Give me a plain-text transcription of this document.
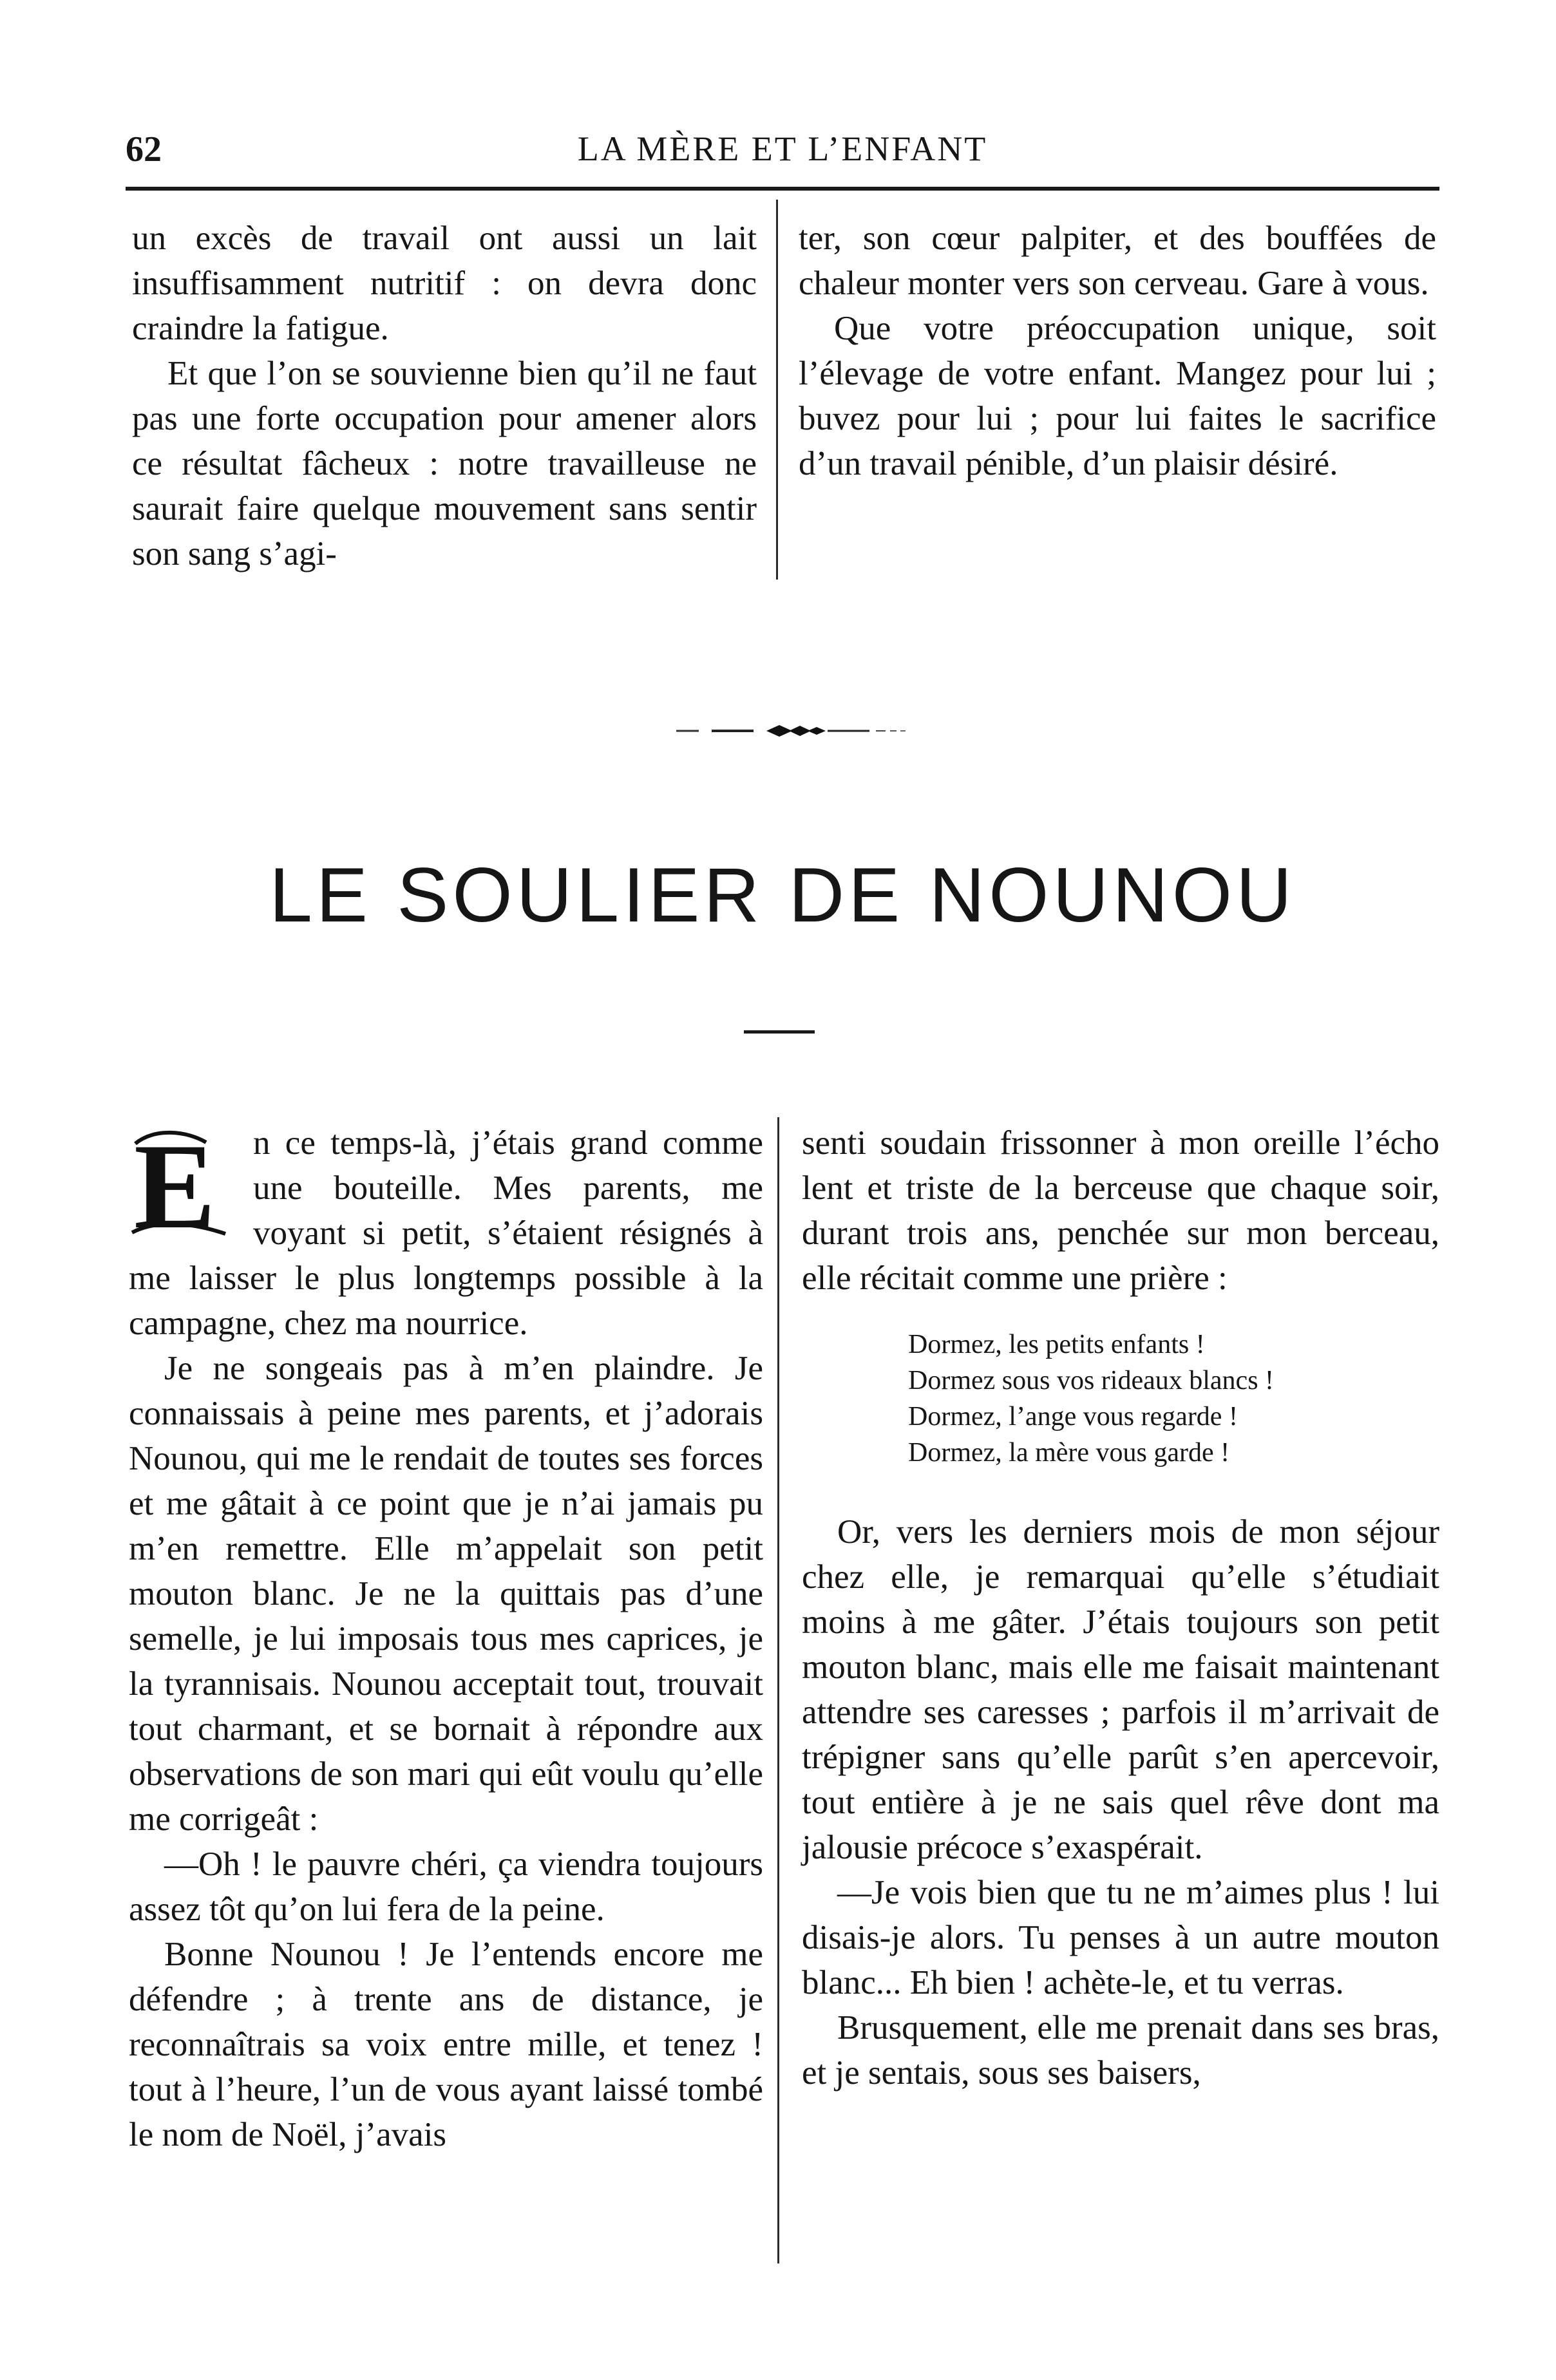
62	LA MÈRE ET L’ENFANT

un excès de travail ont aussi un lait insuffisamment nutritif : on devra donc craindre la fatigue.

Et que l’on se souvienne bien qu’il ne faut pas une forte occupation pour amener alors ce résultat fâcheux : notre travailleuse ne saurait faire quelque mouvement sans sentir son sang s’agi-

ter, son cœur palpiter, et des bouffées de chaleur monter vers son cerveau. Gare à vous.

Que votre préoccupation unique, soit l’élevage de votre enfant. Mangez pour lui ; buvez pour lui ; pour lui faites le sacrifice d’un travail pénible, d’un plaisir désiré.

LE SOULIER DE NOUNOU

E n ce temps-là, j’étais grand comme une bouteille. Mes parents, me voyant si petit, s’étaient résignés à me laisser le plus longtemps possible à la campagne, chez ma nourrice.

Je ne songeais pas à m’en plaindre. Je connaissais à peine mes parents, et j’adorais Nounou, qui me le rendait de toutes ses forces et me gâtait à ce point que je n’ai jamais pu m’en remettre. Elle m’appelait son petit mouton blanc. Je ne la quittais pas d’une semelle, je lui imposais tous mes caprices, je la tyrannisais. Nounou acceptait tout, trouvait tout charmant, et se bornait à répondre aux observations de son mari qui eût voulu qu’elle me corrigeât :

—Oh ! le pauvre chéri, ça viendra toujours assez tôt qu’on lui fera de la peine.

Bonne Nounou ! Je l’entends encore me défendre ; à trente ans de distance, je reconnaîtrais sa voix entre mille, et tenez ! tout à l’heure, l’un de vous ayant laissé tombé le nom de Noël, j’avais

senti soudain frissonner à mon oreille l’écho lent et triste de la berceuse que chaque soir, durant trois ans, penchée sur mon berceau, elle récitait comme une prière :

Dormez, les petits enfants !
Dormez sous vos rideaux blancs !
Dormez, l’ange vous regarde !
Dormez, la mère vous garde !

Or, vers les derniers mois de mon séjour chez elle, je remarquai qu’elle s’étudiait moins à me gâter. J’étais toujours son petit mouton blanc, mais elle me faisait maintenant attendre ses caresses ; parfois il m’arrivait de trépigner sans qu’elle parût s’en apercevoir, tout entière à je ne sais quel rêve dont ma jalousie précoce s’exaspérait.

—Je vois bien que tu ne m’aimes plus ! lui disais-je alors. Tu penses à un autre mouton blanc... Eh bien ! achète-le, et tu verras.

Brusquement, elle me prenait dans ses bras, et je sentais, sous ses baisers,
